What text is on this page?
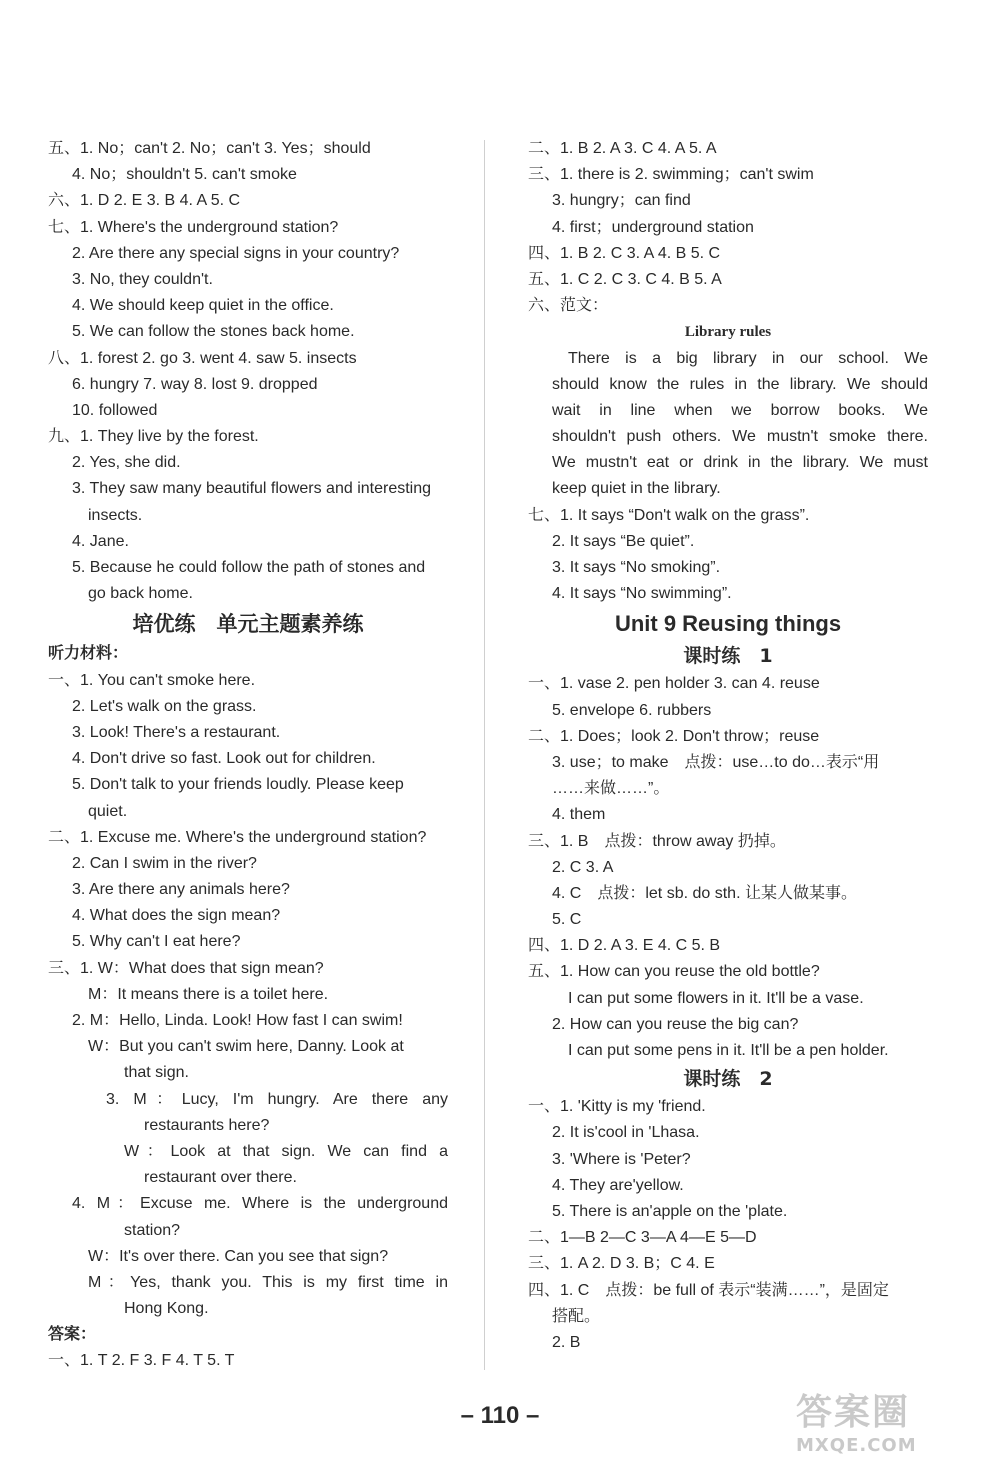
五、1. No；can't 2. No；can't 3. Yes；should
4. No；shouldn't 5. can't smoke
六、1. D 2. E 3. B 4. A 5. C
七、1. Where's the underground station?
2. Are there any special signs in your country?
3. No, they couldn't.
4. We should keep quiet in the office.
5. We can follow the stones back home.
八、1. forest 2. go 3. went 4. saw 5. insects
6. hungry 7. way 8. lost 9. dropped
10. followed
九、1. They live by the forest.
2. Yes, she did.
3. They saw many beautiful flowers and interesting
insects.
4. Jane.
5. Because he could follow the path of stones and
go back home.
培优练　单元主题素养练
听力材料：
一、1. You can't smoke here.
2. Let's walk on the grass.
3. Look! There's a restaurant.
4. Don't drive so fast. Look out for children.
5. Don't talk to your friends loudly. Please keep
quiet.
二、1. Excuse me. Where's the underground station?
2. Can I swim in the river?
3. Are there any animals here?
4. What does the sign mean?
5. Why can't I eat here?
三、1. W：What does that sign mean?
M：It means there is a toilet here.
2. M：Hello, Linda. Look! How fast I can swim!
W：But you can't swim here, Danny. Look at
that sign.
3. M：Lucy, I'm hungry. Are there any
restaurants here?
W：Look at that sign. We can find a
restaurant over there.
4. M：Excuse me. Where is the underground
station?
W：It's over there. Can you see that sign?
M：Yes, thank you. This is my first time in
Hong Kong.
答案：
一、1. T 2. F 3. F 4. T 5. T
二、1. B 2. A 3. C 4. A 5. A
三、1. there is 2. swimming；can't swim
3. hungry；can find
4. first；underground station
四、1. B 2. C 3. A 4. B 5. C
五、1. C 2. C 3. C 4. B 5. A
六、范文：
Library rules
There is a big library in our school. We
should know the rules in the library. We should
wait in line when we borrow books. We
shouldn't push others. We mustn't smoke there.
We mustn't eat or drink in the library. We must
keep quiet in the library.
七、1. It says “Don't walk on the grass”.
2. It says “Be quiet”.
3. It says “No smoking”.
4. It says “No swimming”.
Unit 9 Reusing things
课时练　1
一、1. vase 2. pen holder 3. can 4. reuse
5. envelope 6. rubbers
二、1. Does；look 2. Don't throw；reuse
3. use；to make　点拨：use…to do…表示“用
……来做……”。
4. them
三、1. B　点拨：throw away 扔掉。
2. C 3. A
4. C　点拨：let sb. do sth. 让某人做某事。
5. C
四、1. D 2. A 3. E 4. C 5. B
五、1. How can you reuse the old bottle?
I can put some flowers in it. It'll be a vase.
2. How can you reuse the big can?
I can put some pens in it. It'll be a pen holder.
课时练　2
一、1. 'Kitty is my 'friend.
2. It is'cool in 'Lhasa.
3. 'Where is 'Peter?
4. They are'yellow.
5. There is an'apple on the 'plate.
二、1—B 2—C 3—A 4—E 5—D
三、1. A 2. D 3. B；C 4. E
四、1. C　点拨：be full of 表示“装满……”，是固定
搭配。
2. B
– 110 –	答案圈
MXQE.COM
